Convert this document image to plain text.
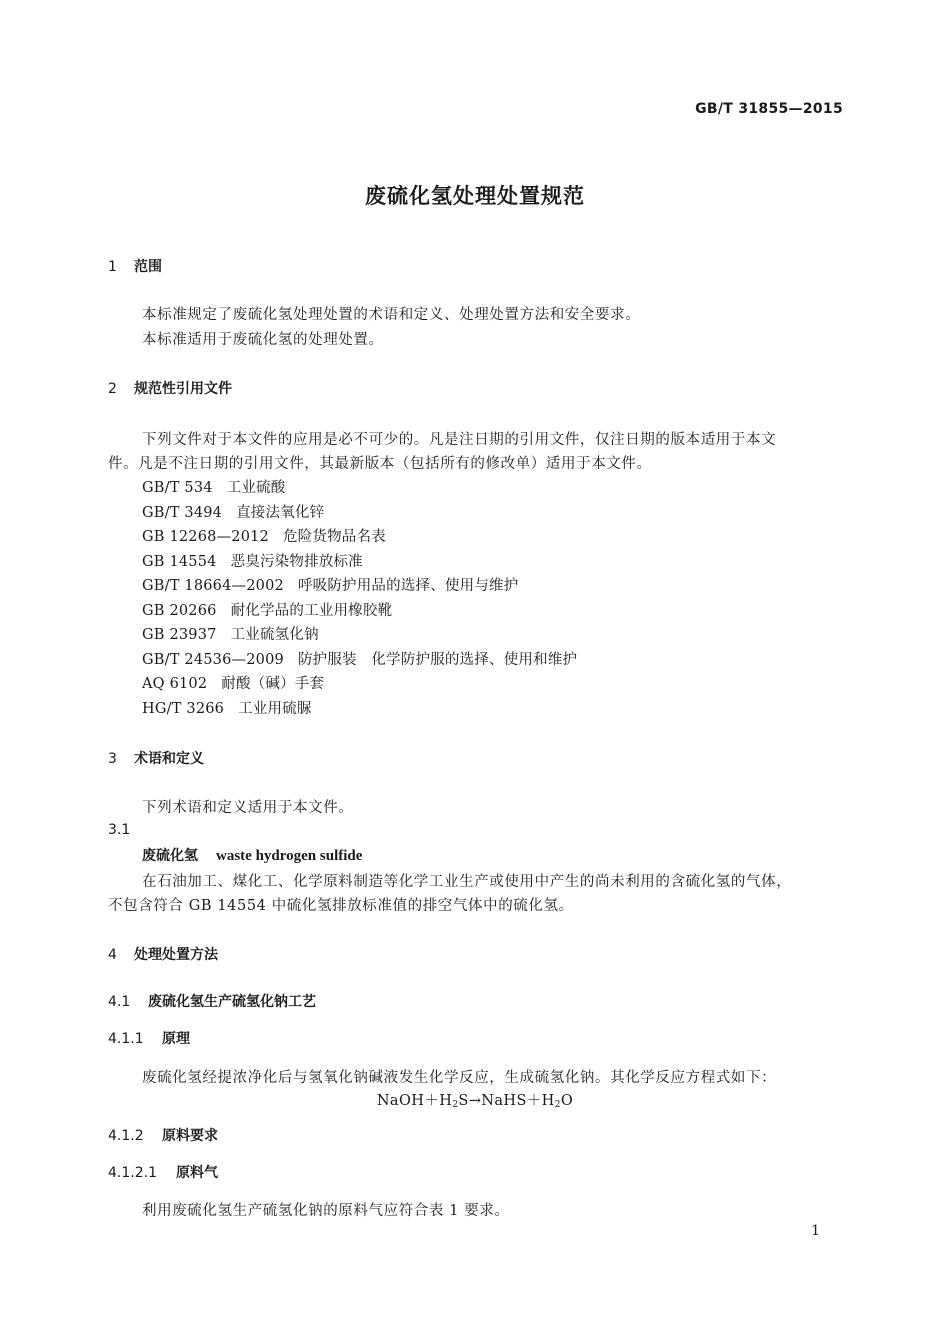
GB/T 31855—2015
废硫化氢处理处置规范
1 范围
本标准规定了废硫化氢处理处置的术语和定义、处理处置方法和安全要求。
本标准适用于废硫化氢的处理处置。
2 规范性引用文件
下列文件对于本文件的应用是必不可少的。凡是注日期的引用文件，仅注日期的版本适用于本文
件。凡是不注日期的引用文件，其最新版本（包括所有的修改单）适用于本文件。
GB/T 534 工业硫酸
GB/T 3494 直接法氧化锌
GB 12268—2012 危险货物品名表
GB 14554 恶臭污染物排放标准
GB/T 18664—2002 呼吸防护用品的选择、使用与维护
GB 20266 耐化学品的工业用橡胶靴
GB 23937 工业硫氢化钠
GB/T 24536—2009 防护服装　化学防护服的选择、使用和维护
AQ 6102 耐酸（碱）手套
HG/T 3266 工业用硫脲
3 术语和定义
下列术语和定义适用于本文件。
3.1
废硫化氢 waste hydrogen sulfide
在石油加工、煤化工、化学原料制造等化学工业生产或使用中产生的尚未利用的含硫化氢的气体，
不包含符合 GB 14554 中硫化氢排放标准值的排空气体中的硫化氢。
4 处理处置方法
4.1 废硫化氢生产硫氢化钠工艺
4.1.1 原理
废硫化氢经提浓净化后与氢氧化钠碱液发生化学反应，生成硫氢化钠。其化学反应方程式如下：
$NaOH+H_2S\to NaHS+H_2O$
4.1.2 原料要求
4.1.2.1 原料气
利用废硫化氢生产硫氢化钠的原料气应符合表 1 要求。
1
